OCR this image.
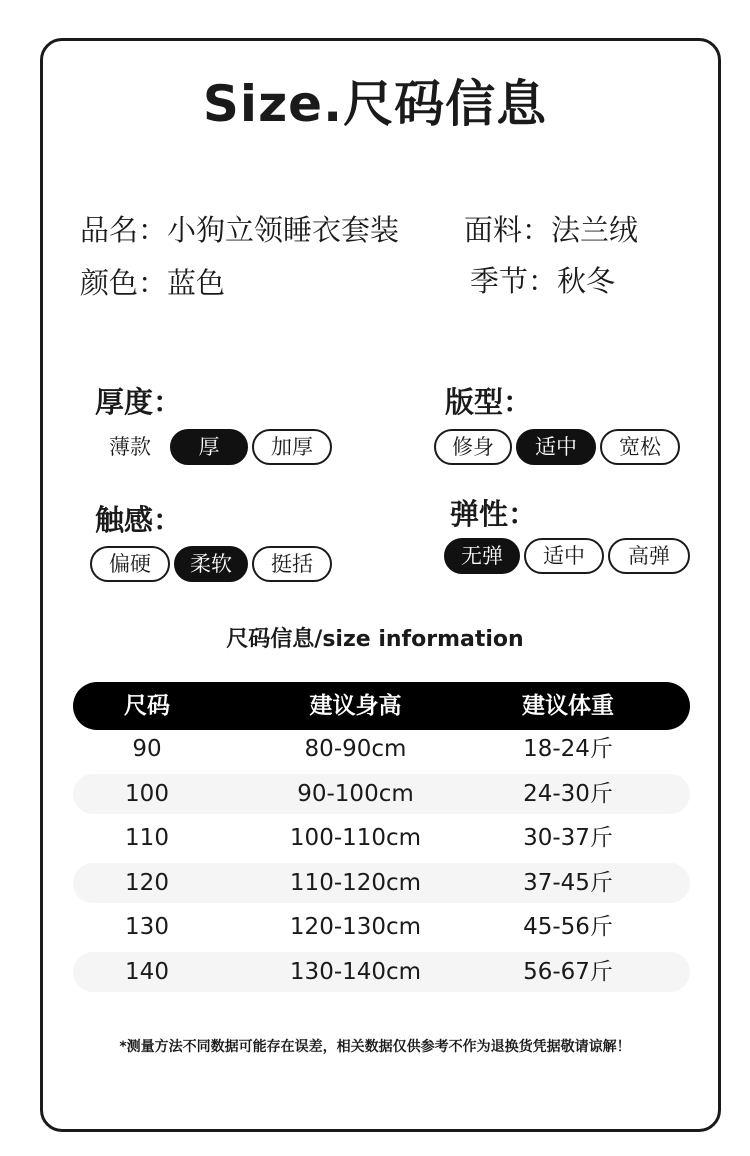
Size.尺码信息
品名：小狗立领睡衣套装 面料：法兰绒
颜色：蓝色	季节：秋冬
厚度：
薄款	厚	加厚
版型：
修身	适中	宽松
触感：
偏硬	柔软	挺括
弹性：
无弹	适中	高弹
尺码信息/size information
尺码	建议身高	建议体重
90	80-90cm	18-24斤
100	90-100cm	24-30斤
110	100-110cm	30-37斤
120	110-120cm	37-45斤
130	120-130cm	45-56斤
140	130-140cm	56-67斤
*测量方法不同数据可能存在误差，相关数据仅供参考不作为退换货凭据敬请谅解！
